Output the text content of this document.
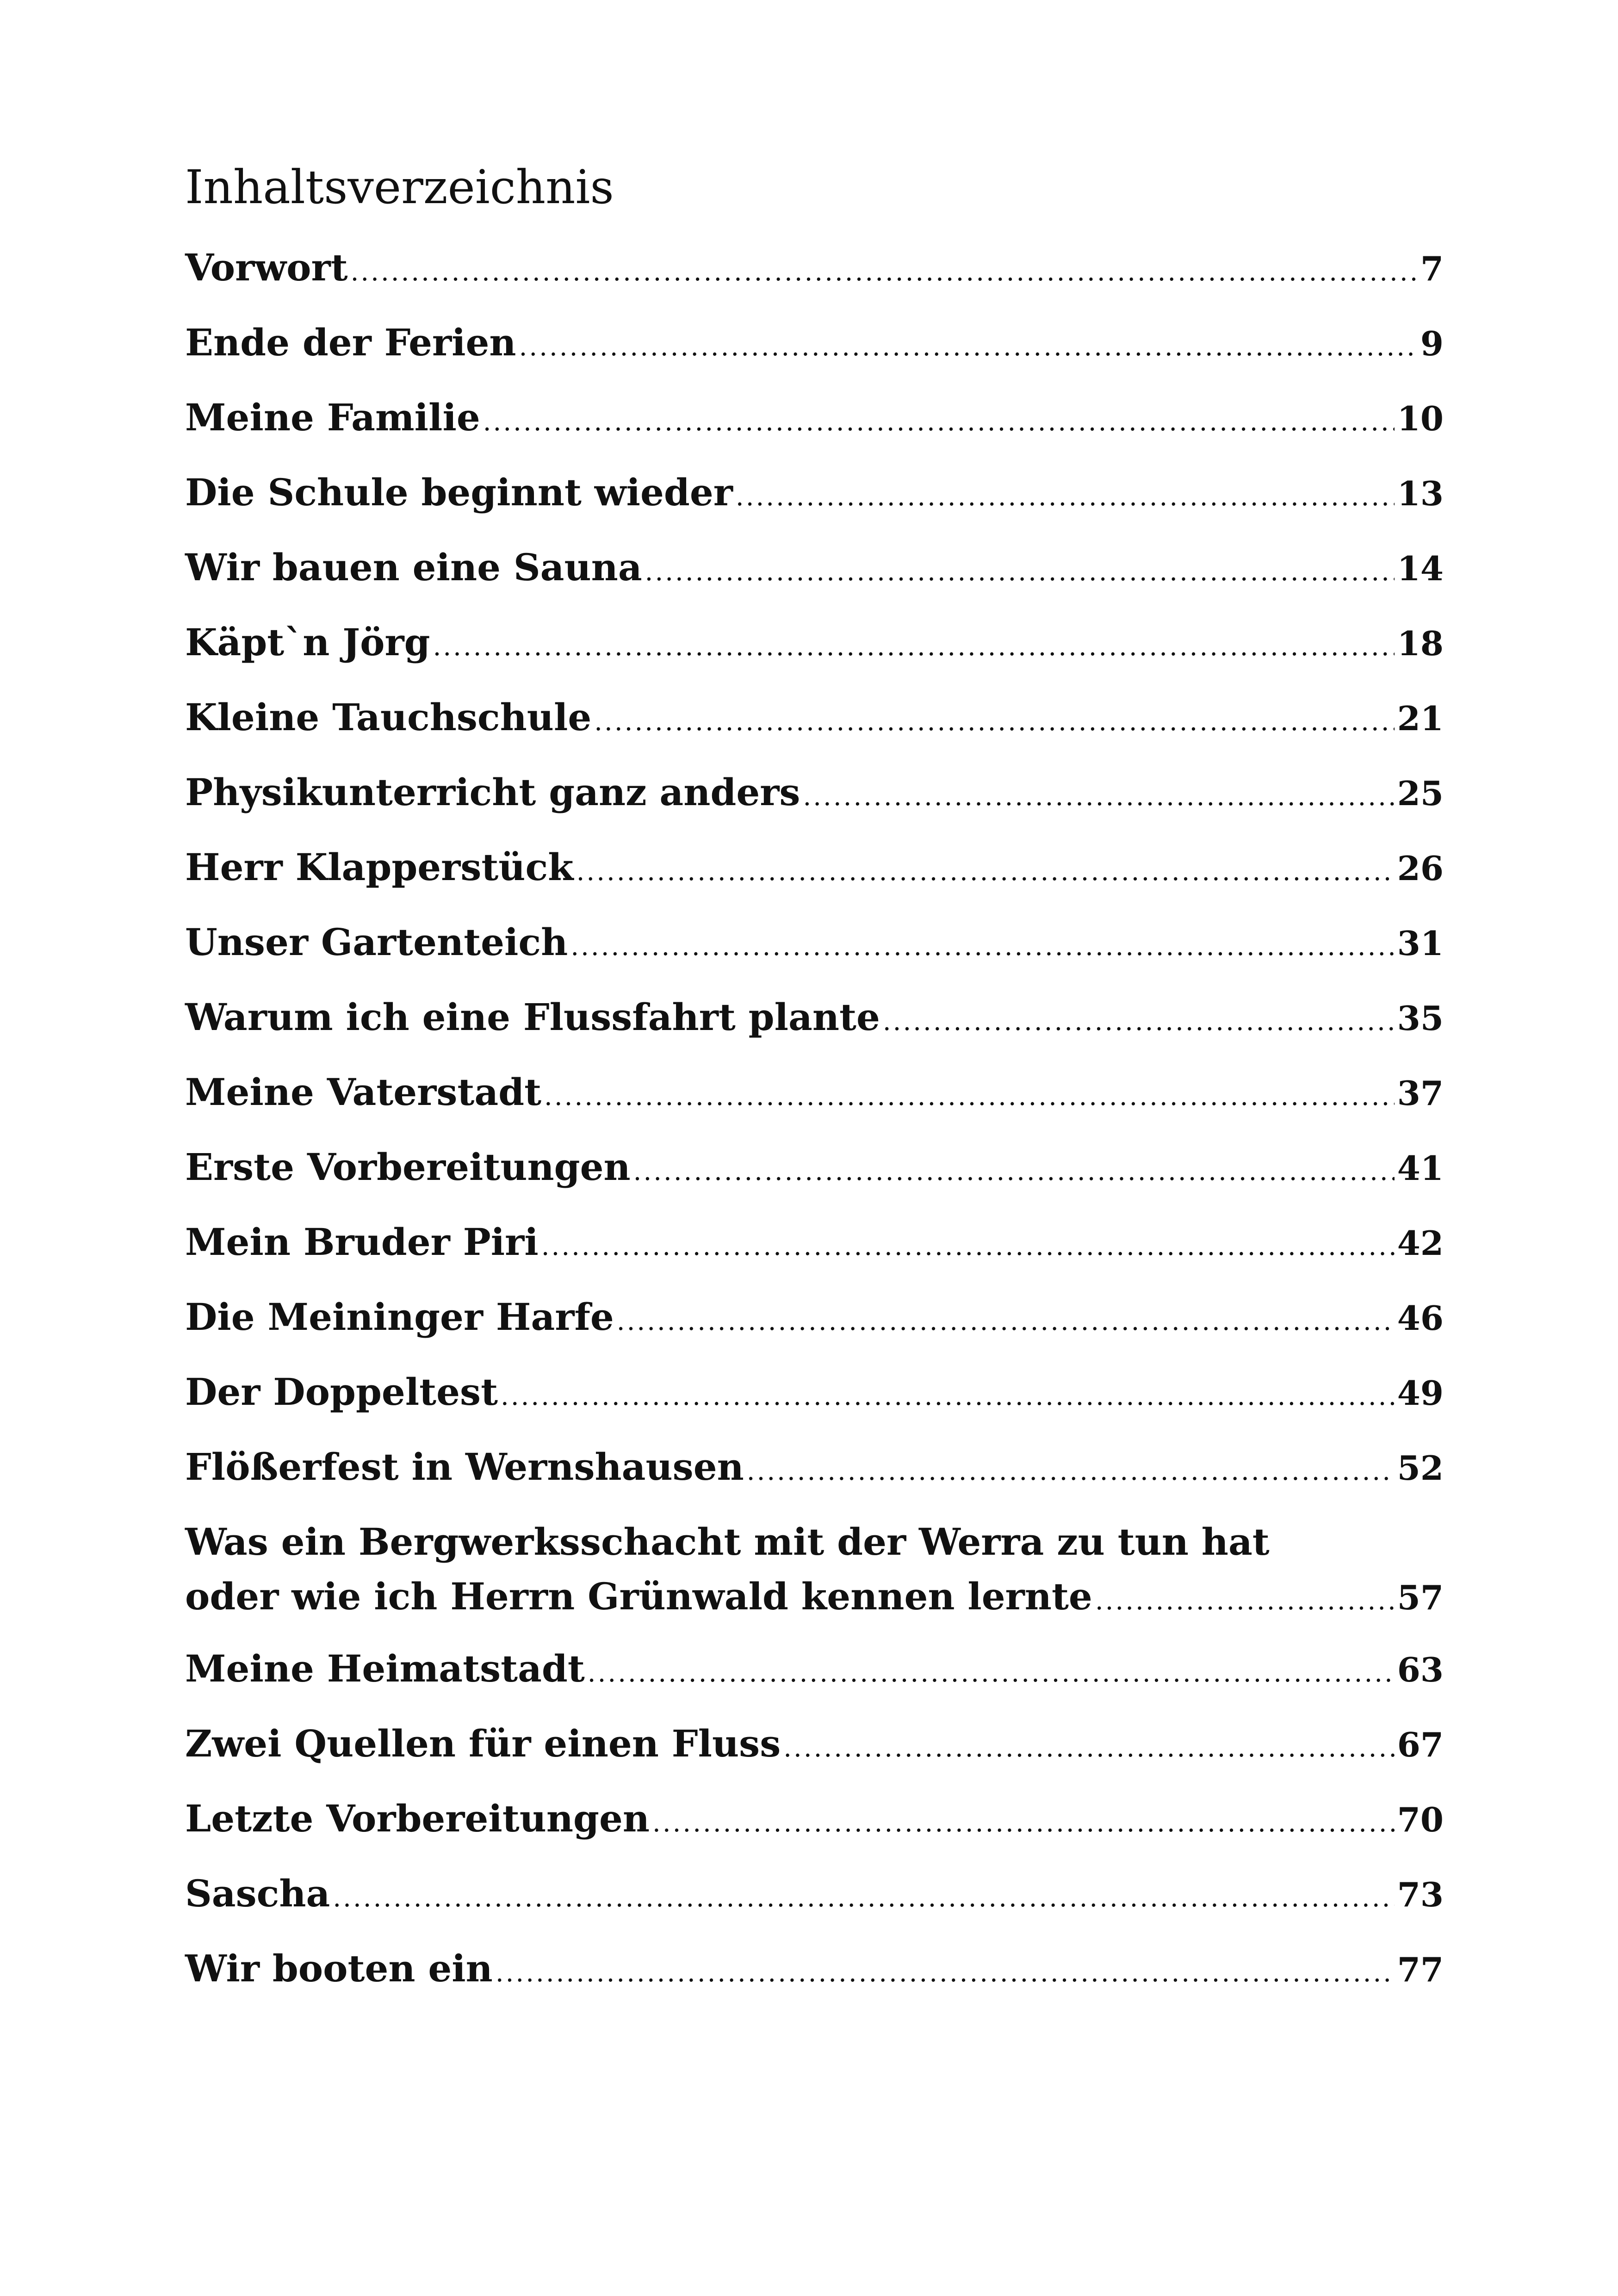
Inhaltsverzeichnis
Vorwort .....	7
Ende der Ferien .....	9
Meine Familie .....	10
Die Schule beginnt wieder .....	13
Wir bauen eine Sauna .....	14
Käpt`n Jörg .....	18
Kleine Tauchschule .....	21
Physikunterricht ganz anders .....	25
Herr Klapperstück .....	26
Unser Gartenteich .....	31
Warum ich eine Flussfahrt plante .....	35
Meine Vaterstadt .....	37
Erste Vorbereitungen .....	41
Mein Bruder Piri .....	42
Die Meininger Harfe .....	46
Der Doppeltest .....	49
Flößerfest in Wernshausen .....	52
Was ein Bergwerksschacht mit der Werra zu tun hat
oder wie ich Herrn Grünwald kennen lernte .....	57
Meine Heimatstadt .....	63
Zwei Quellen für einen Fluss .....	67
Letzte Vorbereitungen .....	70
Sascha .....	73
Wir booten ein .....	77
